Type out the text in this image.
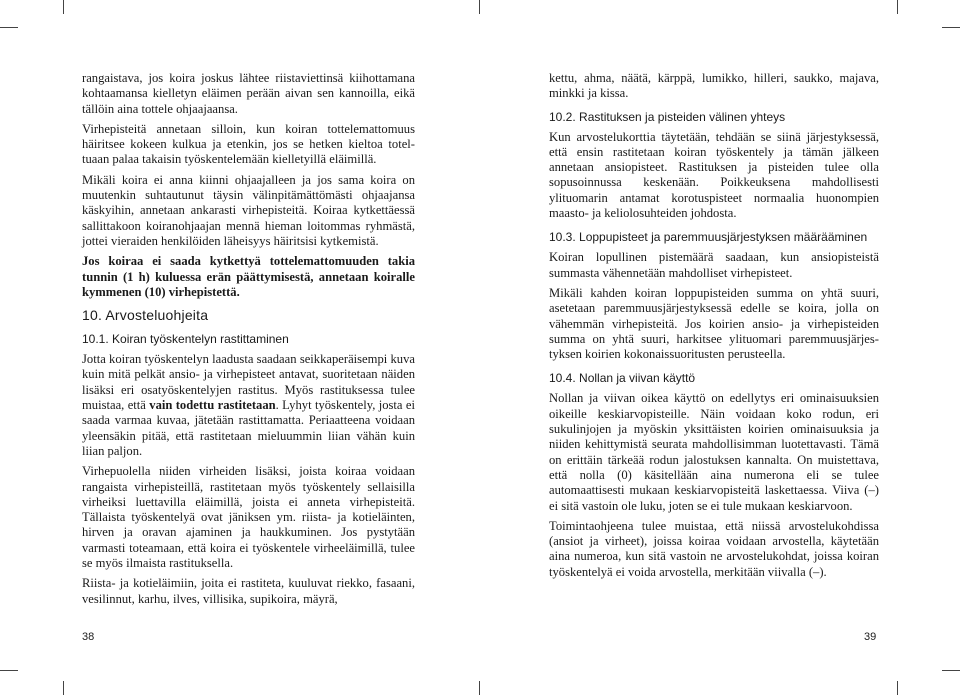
rangaistava, jos koira joskus lähtee riistaviettinsä kiihottamana kohtaamansa kielletyn eläimen perään aivan sen kannoilla, eikä tällöin aina tottele ohjaajaansa.

Virhepisteitä annetaan silloin, kun koiran tottelemattomuus häiritsee kokeen kulkua ja etenkin, jos se hetken kieltoa toteltuaan palaa takaisin työskentelemään kielletyillä eläimillä.

Mikäli koira ei anna kiinni ohjaajalleen ja jos sama koira on muutenkin suhtautunut täysin välinpitämättömästi ohjaajansa käskyihin, annetaan ankarasti virhepisteitä. Koiraa kytkettäessä sallittakoon koiranohjaajan mennä hieman loitommas ryhmästä, jottei vieraiden henkilöiden läheisyys häiritsisi kytkemistä.

Jos koiraa ei saada kytkettyä tottelemattomuuden takia tunnin (1 h) kuluessa erän päättymisestä, annetaan koiralle kymmenen (10) virhepistettä.

10. Arvosteluohjeita
10.1. Koiran työskentelyn rastittaminen

Jotta koiran työskentelyn laadusta saadaan seikkaperäisempi kuva kuin mitä pelkät ansio- ja virhepisteet antavat, suoritetaan näiden lisäksi eri osatyöskentelyjen rastitus. Myös rastituksessa tulee muistaa, että vain todettu rastitetaan. Lyhyt työskentely, josta ei saada varmaa kuvaa, jätetään rastittamatta. Periaatteena voidaan yleensäkin pitää, että rastitetaan mieluummin liian vähän kuin liian paljon.

Virhepuolella niiden virheiden lisäksi, joista koiraa voidaan rangaista virhepisteillä, rastitetaan myös työskentely sellaisilla virheiksi luettavilla eläimillä, joista ei anneta virhepisteitä. Tällaista työskentelyä ovat jäniksen ym. riista- ja kotieläinten, hirven ja oravan ajaminen ja haukkuminen. Jos pystytään varmasti toteamaan, että koira ei työskentele virheeläimillä, tulee se myös ilmaista rastituksella.

Riista- ja kotieläimiin, joita ei rastiteta, kuuluvat riekko, fasaani, vesilinnut, karhu, ilves, villisika, supikoira, mäyrä,

38

kettu, ahma, näätä, kärppä, lumikko, hilleri, saukko, majava, minkki ja kissa.

10.2. Rastituksen ja pisteiden välinen yhteys

Kun arvostelukorttia täytetään, tehdään se siinä järjestyksessä, että ensin rastitetaan koiran työskentely ja tämän jälkeen annetaan ansiopisteet. Rastituksen ja pisteiden tulee olla sopusoinnussa keskenään. Poikkeuksena mahdollisesti ylituomarin antamat korotuspisteet normaalia huonompien maasto- ja keliolosuhteiden johdosta.

10.3. Loppupisteet ja paremmuusjärjestyksen määrääminen

Koiran lopullinen pistemäärä saadaan, kun ansiopisteistä summasta vähennetään mahdolliset virhepisteet.

Mikäli kahden koiran loppupisteiden summa on yhtä suuri, asetetaan paremmuusjärjestyksessä edelle se koira, jolla on vähemmän virhepisteitä. Jos koirien ansio- ja virhepisteiden summa on yhtä suuri, harkitsee ylituomari paremmuusjärjestyksen koirien kokonaissuoritusten perusteella.

10.4. Nollan ja viivan käyttö

Nollan ja viivan oikea käyttö on edellytys eri ominaisuuksien oikeille keskiarvopisteille. Näin voidaan koko rodun, eri sukulinjojen ja myöskin yksittäisten koirien ominaisuuksia ja niiden kehittymistä seurata mahdollisimman luotettavasti. Tämä on erittäin tärkeää rodun jalostuksen kannalta. On muistettava, että nolla (0) käsitellään aina numerona eli se tulee automaattisesti mukaan keskiarvopisteitä laskettaessa. Viiva (–) ei sitä vastoin ole luku, joten se ei tule mukaan keskiarvoon.

Toimintaohjeena tulee muistaa, että niissä arvostelukohdissa (ansiot ja virheet), joissa koiraa voidaan arvostella, käytetään aina numeroa, kun sitä vastoin ne arvostelukohdat, joissa koiran työskentelyä ei voida arvostella, merkitään viivalla (–).

39
